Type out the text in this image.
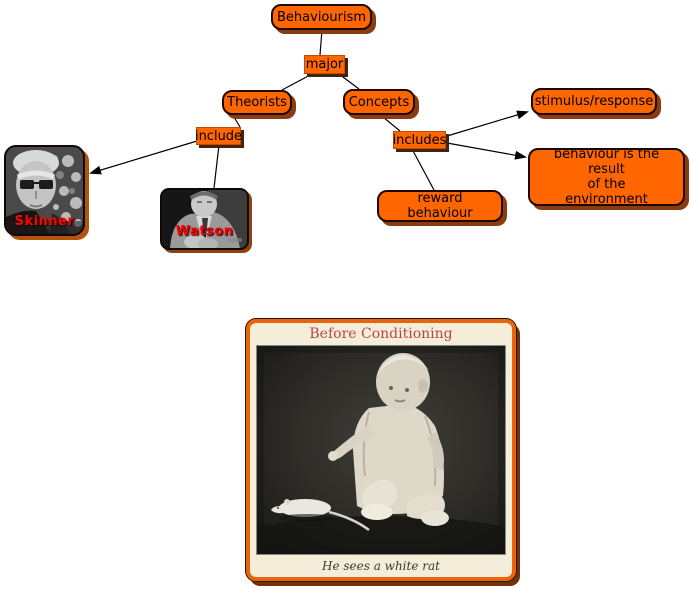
Behaviourism
Theorists	Concepts	stimulus/response
behaviour is the result
of the
environment
reward behaviour
major
include	includes
Skinner
Watson
Before Conditioning
He sees a white rat
